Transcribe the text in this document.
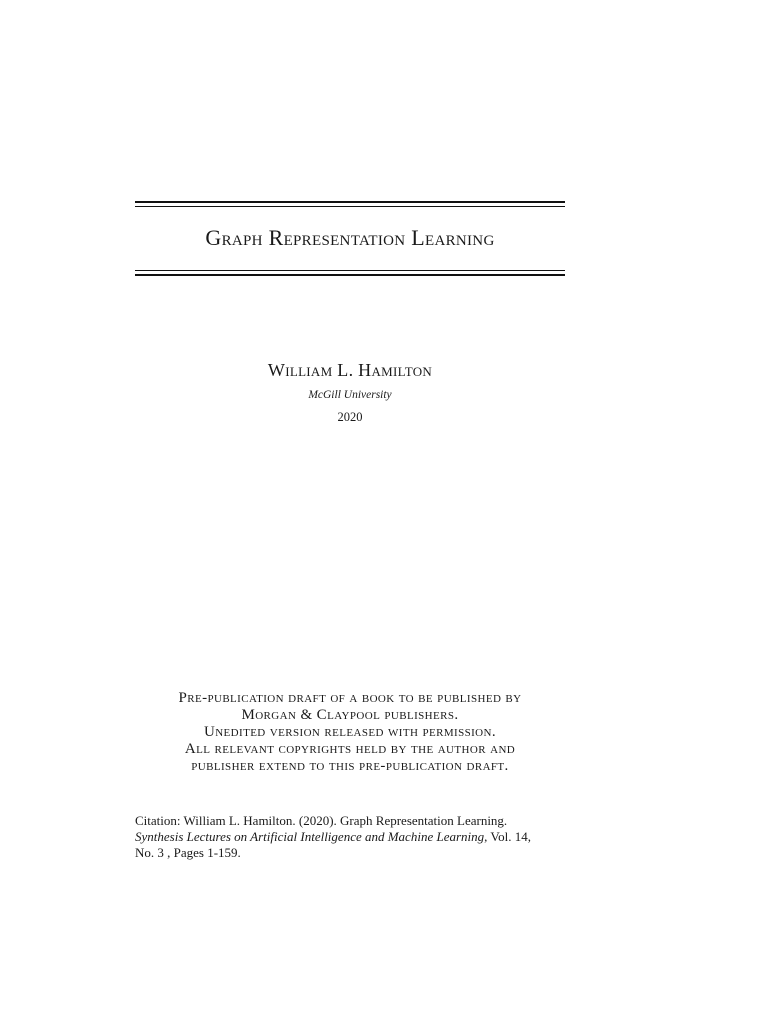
Graph Representation Learning
William L. Hamilton
McGill University
2020
Pre-publication draft of a book to be published by
Morgan & Claypool publishers.
Unedited version released with permission.
All relevant copyrights held by the author and
publisher extend to this pre-publication draft.
Citation: William L. Hamilton. (2020). Graph Representation Learning.
Synthesis Lectures on Artificial Intelligence and Machine Learning, Vol. 14,
No. 3 , Pages 1-159.
